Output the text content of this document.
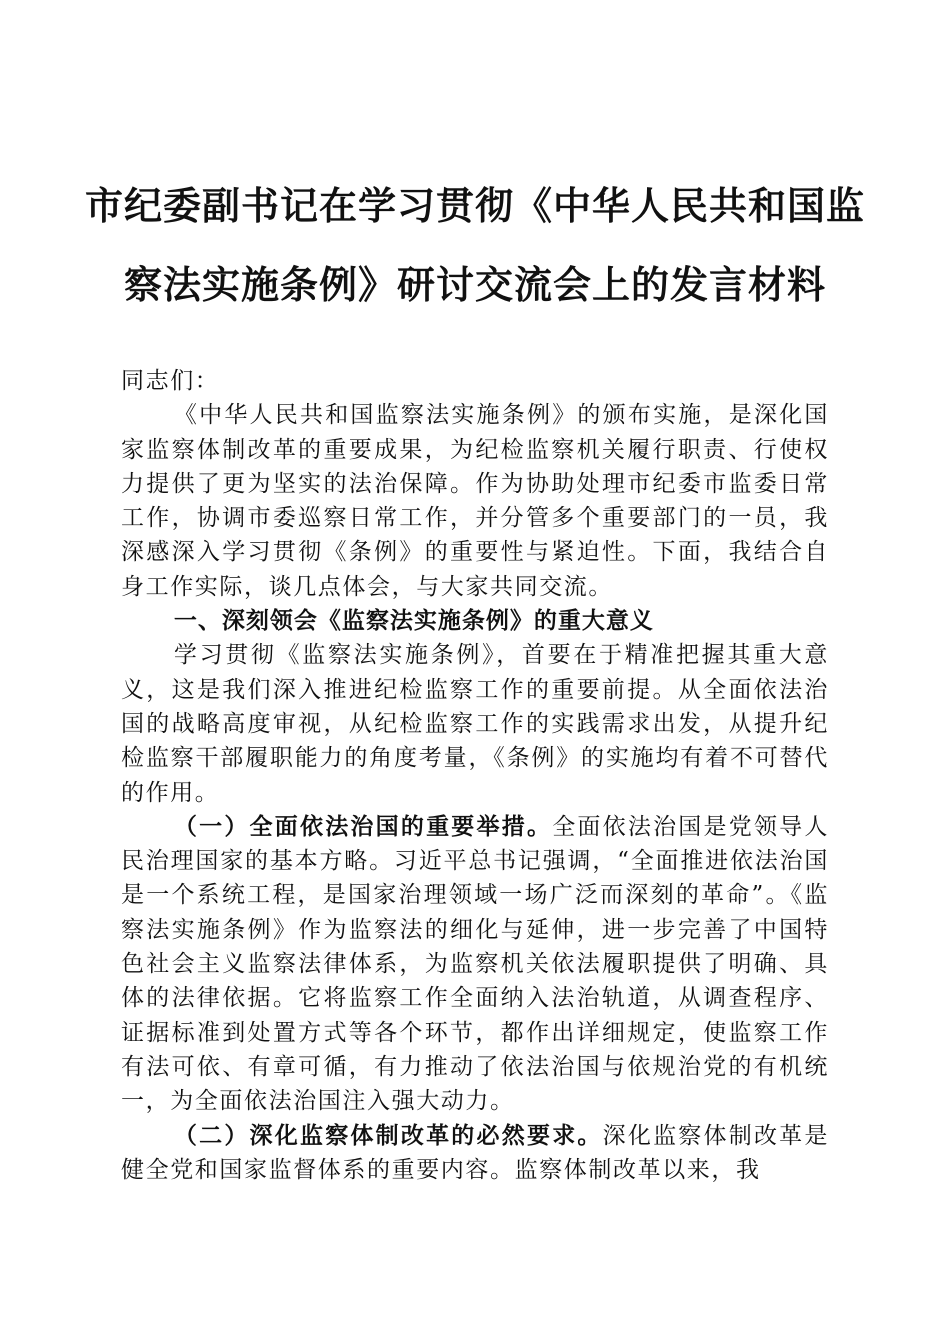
市纪委副书记在学习贯彻《中华人民共和国监
察法实施条例》研讨交流会上的发言材料

同志们：

《中华人民共和国监察法实施条例》的颁布实施，是深化国家监察体制改革的重要成果，为纪检监察机关履行职责、行使权力提供了更为坚实的法治保障。作为协助处理市纪委市监委日常工作，协调市委巡察日常工作，并分管多个重要部门的一员，我深感深入学习贯彻《条例》的重要性与紧迫性。下面，我结合自身工作实际，谈几点体会，与大家共同交流。

一、深刻领会《监察法实施条例》的重大意义

学习贯彻《监察法实施条例》，首要在于精准把握其重大意义，这是我们深入推进纪检监察工作的重要前提。从全面依法治国的战略高度审视，从纪检监察工作的实践需求出发，从提升纪检监察干部履职能力的角度考量，《条例》的实施均有着不可替代的作用。

（一）全面依法治国的重要举措。全面依法治国是党领导人民治理国家的基本方略。习近平总书记强调，“全面推进依法治国是一个系统工程，是国家治理领域一场广泛而深刻的革命”。《监察法实施条例》作为监察法的细化与延伸，进一步完善了中国特色社会主义监察法律体系，为监察机关依法履职提供了明确、具体的法律依据。它将监察工作全面纳入法治轨道，从调查程序、证据标准到处置方式等各个环节，都作出详细规定，使监察工作有法可依、有章可循，有力推动了依法治国与依规治党的有机统一，为全面依法治国注入强大动力。

（二）深化监察体制改革的必然要求。深化监察体制改革是健全党和国家监督体系的重要内容。监察体制改革以来，我
